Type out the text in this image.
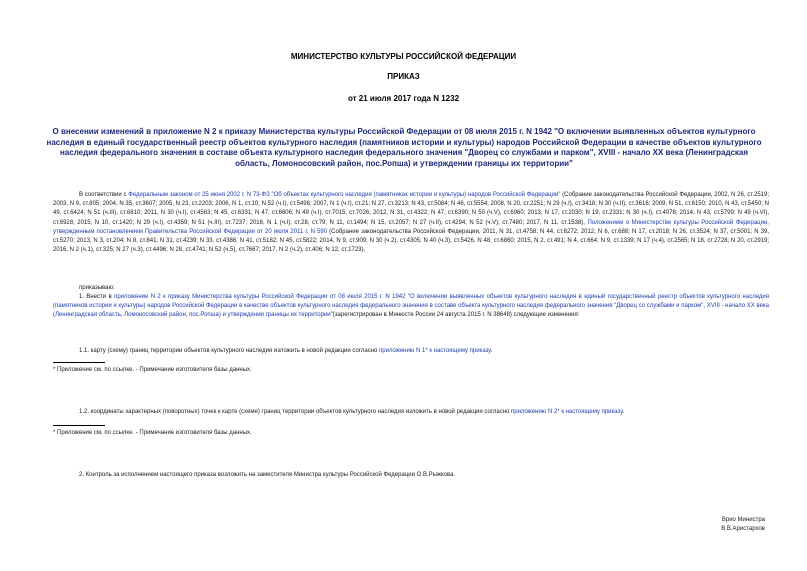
МИНИСТЕРСТВО КУЛЬТУРЫ РОССИЙСКОЙ ФЕДЕРАЦИИ
ПРИКАЗ
от 21 июля 2017 года N 1232
О внесении изменений в приложение N 2 к приказу Министерства культуры Российской Федерации от 08 июля 2015 г. N 1942 "О включении выявленных объектов культурного наследия в единый государственный реестр объектов культурного наследия (памятников истории и культуры) народов Российской Федерации в качестве объектов культурного наследия федерального значения в составе объекта культурного наследия федерального значения "Дворец со службами и парком", XVIII - начало XX века (Ленинградская область, Ломоносовский район, пос.Ропша) и утверждении границы их территории"
В соответствии с Федеральным законом от 25 июня 2002 г. N 73-ФЗ "Об объектах культурного наследия (памятниках истории и культуры) народов Российской Федерации" (Собрание законодательства Российской Федерации, 2002, N 26, ст.2519; 2003, N 9, ст.805; 2004, N 35, ст.3607; 2005, N 23, ст.2203; 2006, N 1, ст.10; N 52 (ч.I), ст.5498; 2007, N 1 (ч.I), ст.21; N 27, ст.3213; N 43, ст.5084; N 46, ст.5554; 2008, N 20, ст.2251; N 29 (ч.I), ст.3418; N 30 (ч.II), ст.3616; 2009, N 51, ст.6150; 2010, N 43, ст.5450; N 49, ст.6424; N 51 (ч.III), ст.6810; 2011, N 30 (ч.I), ст.4563; N 45, ст.6331; N 47, ст.6606; N 49 (ч.I), ст.7015, ст.7026; 2012, N 31, ст.4322; N 47, ст.6390; N 50 (ч.V), ст.6960; 2013, N 17, ст.2030; N 19, ст.2331; N 30 (ч.I), ст.4078; 2014, N 43, ст.5799; N 49 (ч.VI), ст.6928; 2015, N 10, ст.1420; N 29 (ч.I), ст.4359; N 51 (ч.III), ст.7237; 2016, N 1 (ч.I), ст.28, ст.79; N 11, ст.1494; N 15, ст.2057; N 27 (ч.II), ст.4294; N 52 (ч.V), ст.7480; 2017, N 11, ст.1538), Положением о Министерстве культуры Российской Федерации, утвержденным постановлением Правительства Российской Федерации от 20 июля 2011 г. N 590 (Собрание законодательства Российской Федерации, 2011, N 31, ст.4758; N 44, ст.6272; 2012, N 6, ст.688; N 17, ст.2018; N 26, ст.3524; N 37, ст.5001; N 39, ст.5270; 2013, N 3, ст.204; N 8, ст.841; N 31, ст.4239; N 33, ст.4386; N 41, ст.5182; N 45, ст.5822; 2014, N 9, ст.909; N 30 (ч.2), ст.4305; N 40 (ч.3), ст.5426, N 48, ст.6860; 2015, N 2, ст.491; N 4, ст.664; N 9, ст.1339; N 17 (ч.4), ст.2565; N 18, ст.2728; N 20, ст.2919; 2016, N 2 (ч.1), ст.325; N 27 (ч.3), ст.4496; N 28, ст.4741; N 52 (ч.5), ст.7667; 2017, N 2 (ч.2), ст.406; N 12, ст.1723),
приказываю:
1. Внести в приложение N 2 к приказу Министерства культуры Российской Федерации от 08 июля 2015 г. N 1942 "О включении выявленных объектов культурного наследия в единый государственный реестр объектов культурного наследия (памятников истории и культуры) народов Российской Федерации в качестве объектов культурного наследия федерального значения в составе объекта культурного наследия федерального значения "Дворец со службами и парком", XVIII - начало XX века (Ленинградская область, Ломоносовский район, пос.Ропша) и утверждении границы их территории"(зарегистрирован в Минюсте России 24 августа 2015 г. N 38648) следующие изменения:
1.1. карту (схему) границ территории объектов культурного наследия изложить в новой редакции согласно приложению N 1* к настоящему приказу.
* Приложение см. по ссылке. - Примечание изготовителя базы данных.
1.2. координаты характерных (поворотных) точек к карте (схеме) границ территории объектов культурного наследия изложить в новой редакции согласно приложению N 2* к настоящему приказу.
* Приложение см. по ссылке. - Примечание изготовителя базы данных.
2. Контроль за исполнением настоящего приказа возложить на заместителя Министра культуры Российской Федерации О.В.Рыжкова.
Врио Министра
В.В.Аристархов
